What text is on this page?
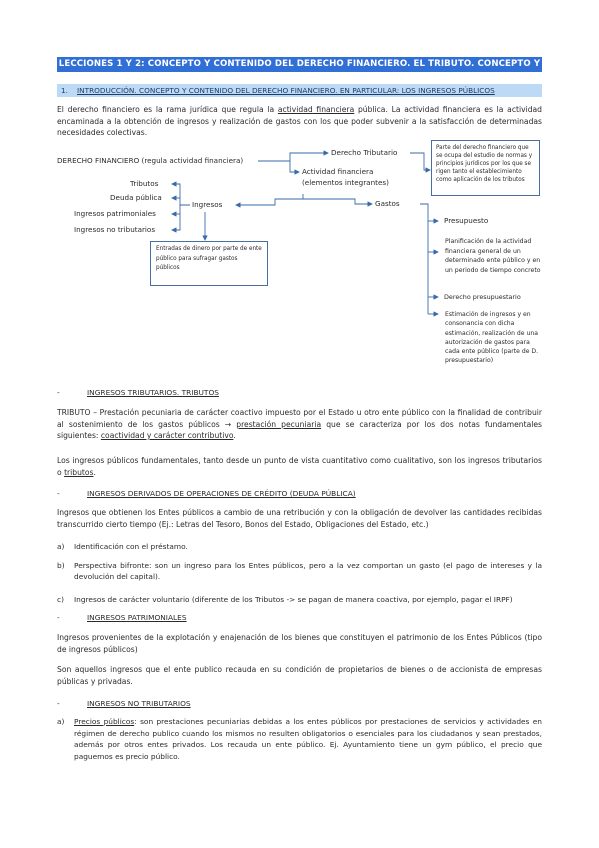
LECCIONES 1 Y 2: CONCEPTO Y CONTENIDO DEL DERECHO FINANCIERO. EL TRIBUTO. CONCEPTO Y CLASES
1. INTRODUCCIÓN. CONCEPTO Y CONTENIDO DEL DERECHO FINANCIERO. EN PARTICULAR: LOS INGRESOS PÚBLICOS
El derecho financiero es la rama jurídica que regula la actividad financiera pública. La actividad financiera es la actividad encaminada a la obtención de ingresos y realización de gastos con los que poder subvenir a la satisfacción de determinadas necesidades colectivas.
DERECHO FINANCIERO (regula actividad financiera)
Derecho Tributario
Actividad financiera
(elementos integrantes)
Parte del derecho financiero que se ocupa del estudio de normas y principios jurídicos por los que se rigen tanto el establecimiento como aplicación de los tributos
Ingresos	Gastos
Tributos
Deuda pública
Ingresos patrimoniales
Ingresos no tributarios
Entradas de dinero por parte de ente público para sufragar gastos públicos
Presupuesto
Planificación de la actividad financiera general de un determinado ente público y en un periodo de tiempo concreto
Derecho presupuestario
Estimación de ingresos y en consonancia con dicha estimación, realización de una autorización de gastos para cada ente público (parte de D. presupuestario)
-	INGRESOS TRIBUTARIOS. TRIBUTOS
TRIBUTO – Prestación pecuniaria de carácter coactivo impuesto por el Estado u otro ente público con la finalidad de contribuir al sostenimiento de los gastos públicos → prestación pecuniaria que se caracteriza por los dos notas fundamentales siguientes: coactividad y carácter contributivo.
Los ingresos públicos fundamentales, tanto desde un punto de vista cuantitativo como cualitativo, son los ingresos tributarios o tributos.
-	INGRESOS DERIVADOS DE OPERACIONES DE CRÉDITO (DEUDA PÚBLICA)
Ingresos que obtienen los Entes públicos a cambio de una retribución y con la obligación de devolver las cantidades recibidas transcurrido cierto tiempo (Ej.: Letras del Tesoro, Bonos del Estado, Obligaciones del Estado, etc.)
a) Identificación con el préstamo.
b) Perspectiva bifronte: son un ingreso para los Entes públicos, pero a la vez comportan un gasto (el pago de intereses y la devolución del capital).
c) Ingresos de carácter voluntario (diferente de los Tributos -> se pagan de manera coactiva, por ejemplo, pagar el IRPF)
-	INGRESOS PATRIMONIALES
Ingresos provenientes de la explotación y enajenación de los bienes que constituyen el patrimonio de los Entes Públicos (tipo de ingresos públicos)
Son aquellos ingresos que el ente publico recauda en su condición de propietarios de bienes o de accionista de empresas públicas y privadas.
-	INGRESOS NO TRIBUTARIOS
a) Precios públicos: son prestaciones pecuniarias debidas a los entes públicos por prestaciones de servicios y actividades en régimen de derecho publico cuando los mismos no resulten obligatorios o esenciales para los ciudadanos y sean prestados, además por otros entes privados. Los recauda un ente público. Ej. Ayuntamiento tiene un gym público, el precio que paguemos es precio público.
